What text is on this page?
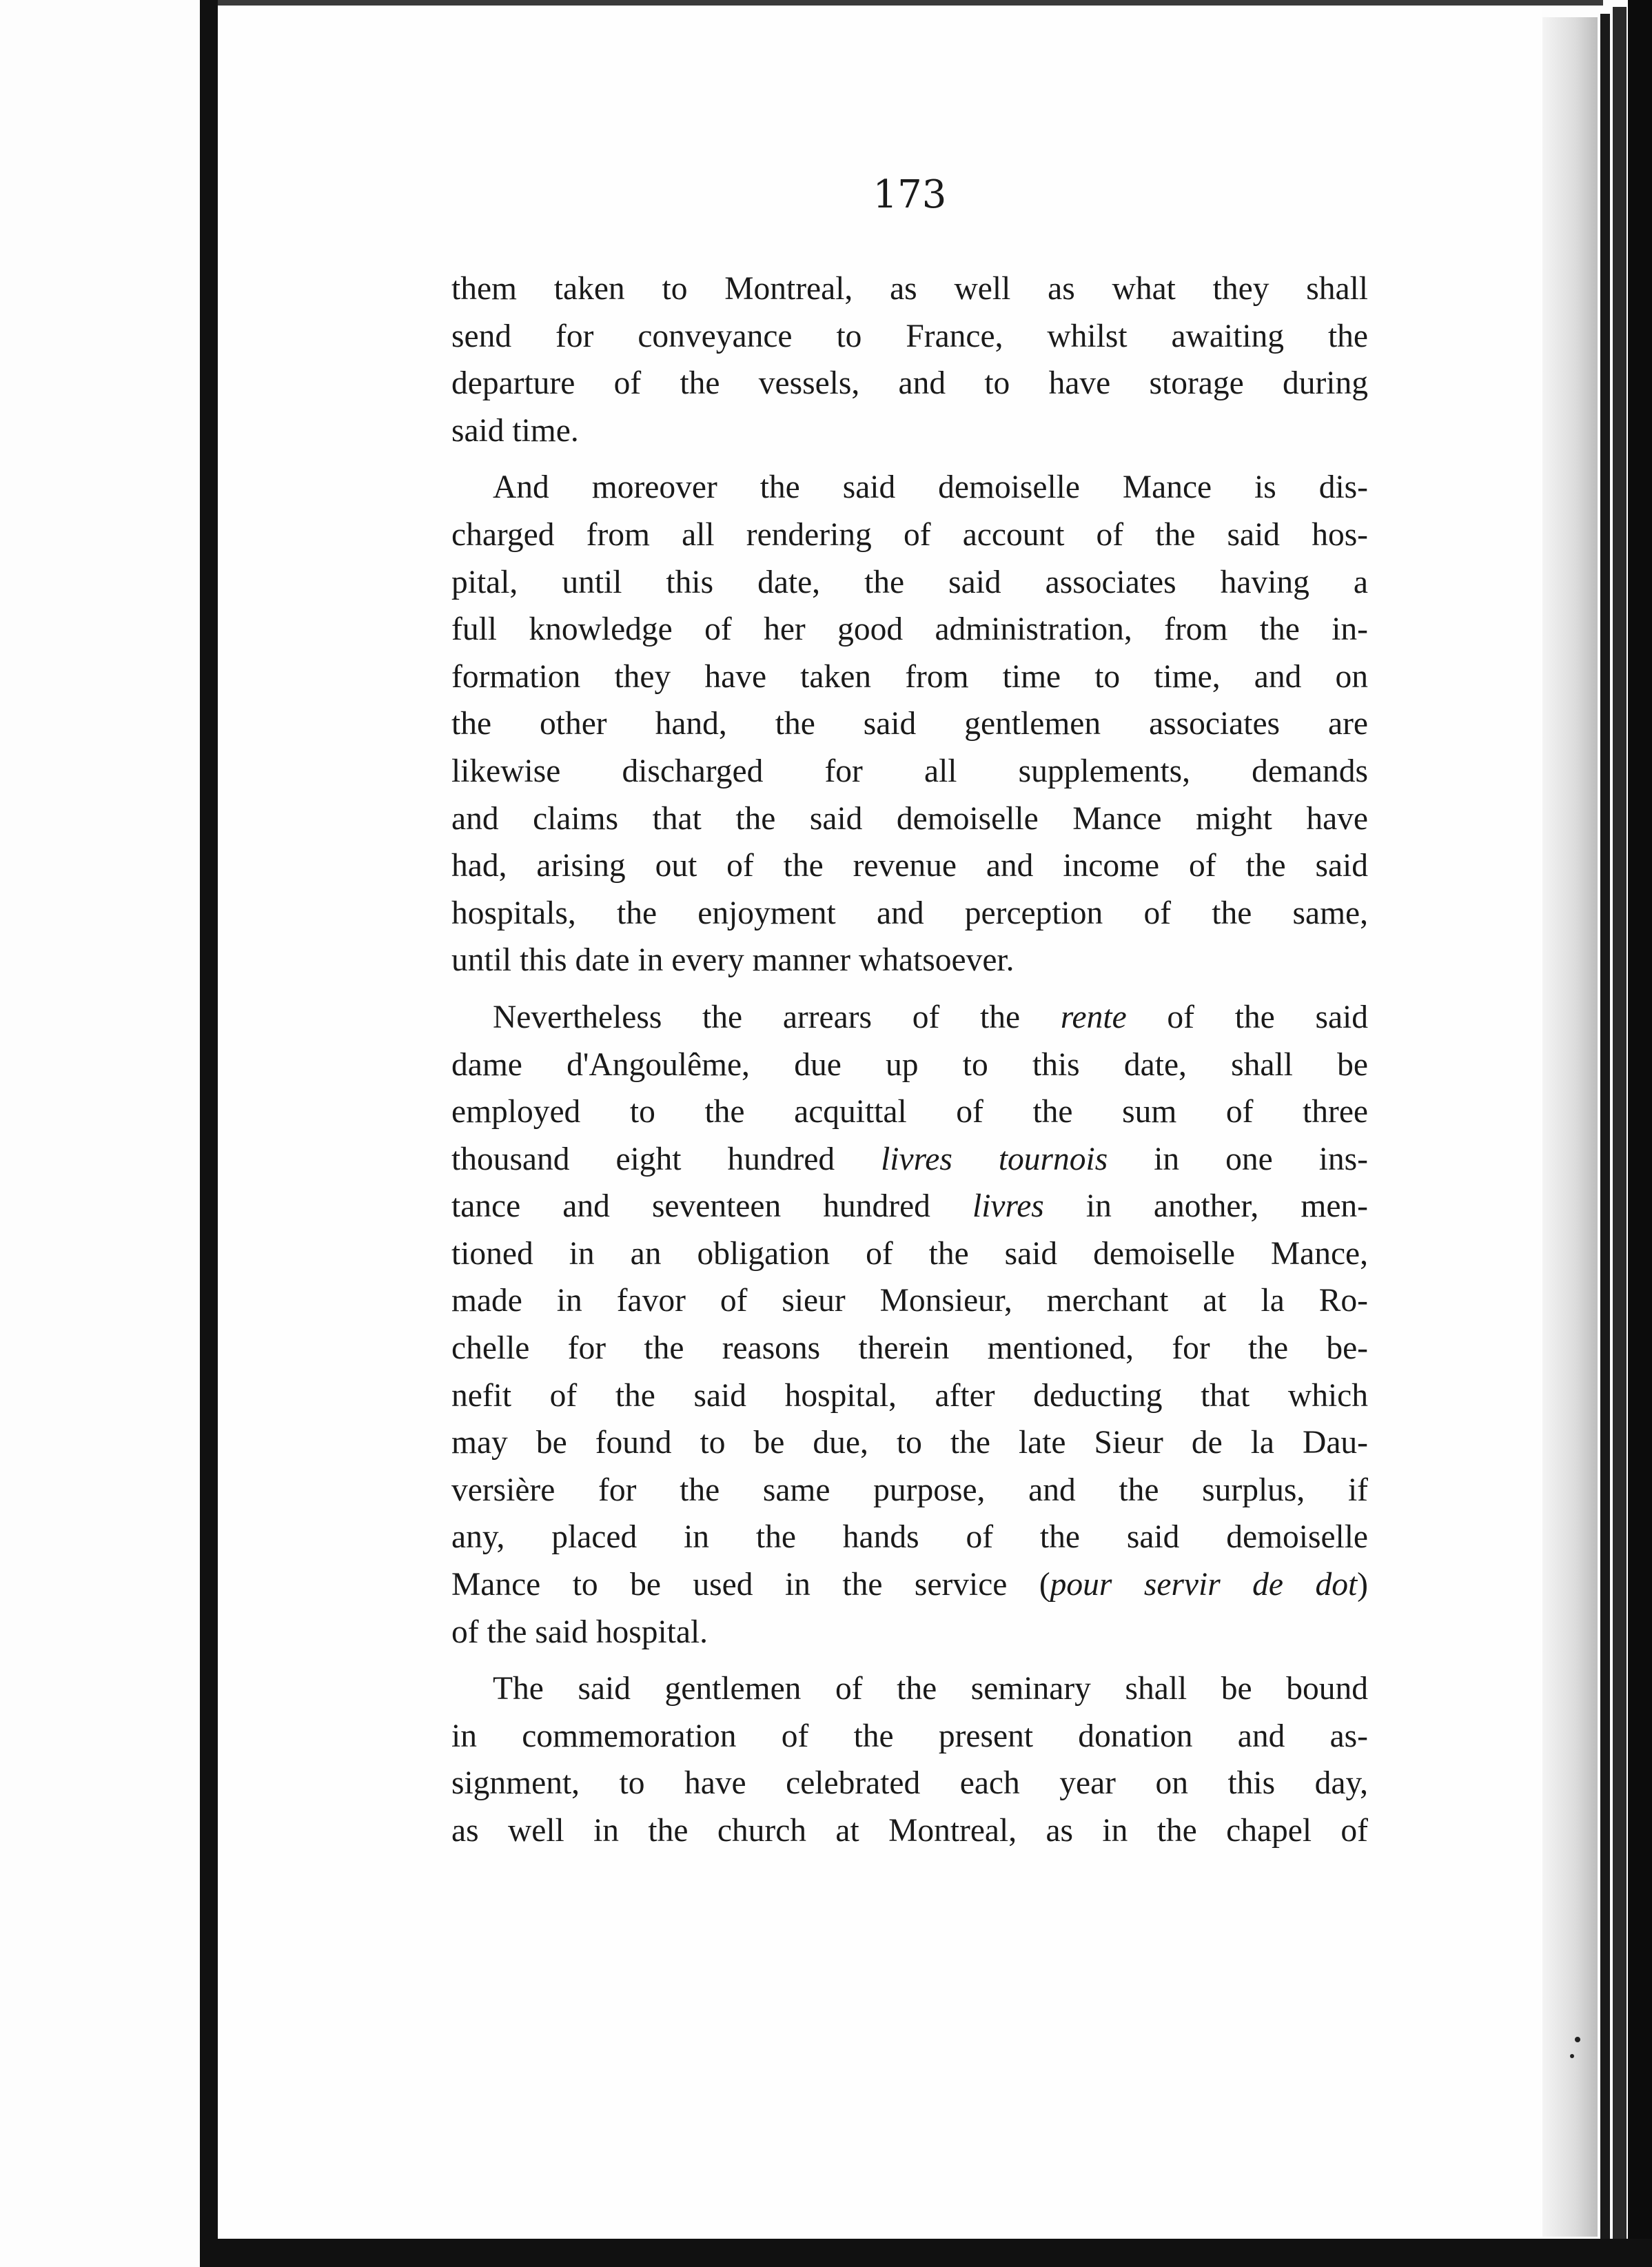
173

them taken to Montreal, as well as what they shall
send for conveyance to France, whilst awaiting the
departure of the vessels, and to have storage during
said time.
And moreover the said demoiselle Mance is dis-
charged from all rendering of account of the said hos-
pital, until this date, the said associates having a
full knowledge of her good administration, from the in-
formation they have taken from time to time, and on
the other hand, the said gentlemen associates are
likewise discharged for all supplements, demands
and claims that the said demoiselle Mance might have
had, arising out of the revenue and income of the said
hospitals, the enjoyment and perception of the same,
until this date in every manner whatsoever.
Nevertheless the arrears of the rente of the said
dame d'Angoulême, due up to this date, shall be
employed to the acquittal of the sum of three
thousand eight hundred livres tournois in one ins-
tance and seventeen hundred livres in another, men-
tioned in an obligation of the said demoiselle Mance,
made in favor of sieur Monsieur, merchant at la Ro-
chelle for the reasons therein mentioned, for the be-
nefit of the said hospital, after deducting that which
may be found to be due, to the late Sieur de la Dau-
versière for the same purpose, and the surplus, if
any, placed in the hands of the said demoiselle
Mance to be used in the service (pour servir de dot)
of the said hospital.
The said gentlemen of the seminary shall be bound
in commemoration of the present donation and as-
signment, to have celebrated each year on this day,
as well in the church at Montreal, as in the chapel of
